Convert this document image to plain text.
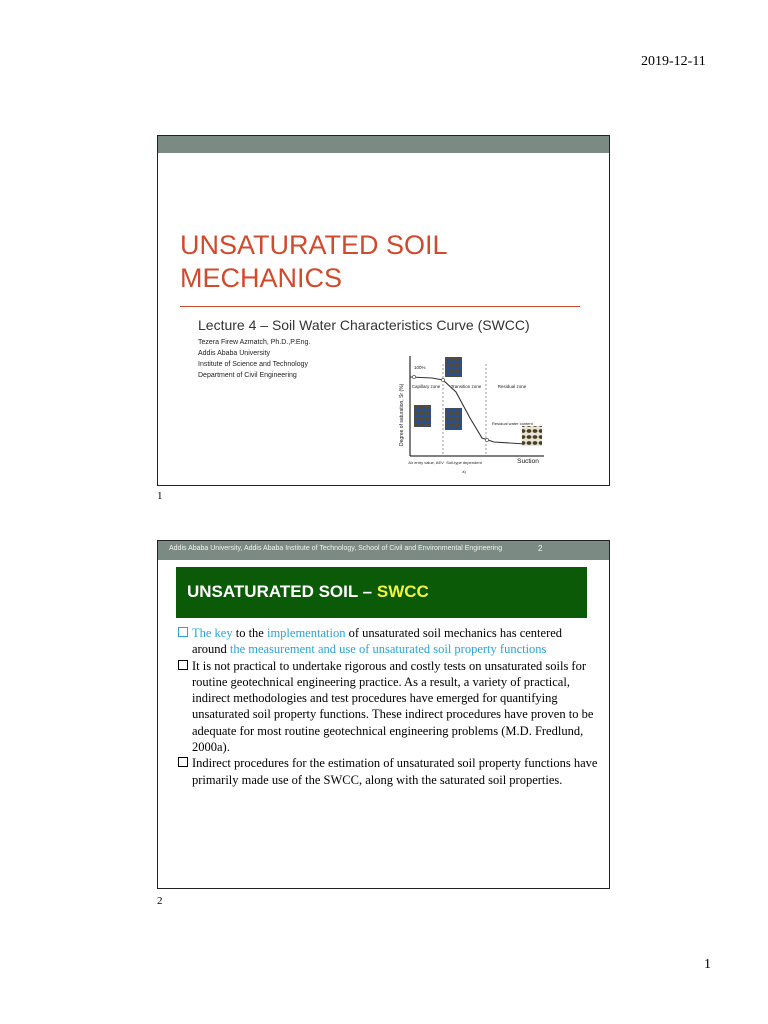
2019-12-11
UNSATURATED SOIL
MECHANICS
Lecture 4 – Soil Water Characteristics Curve (SWCC)
Tezera Firew Azmatch, Ph.D.,P.Eng.
Addis Ababa University
Institute of Science and Technology
Department of Civil Engineering
100%
Capillary zone Transition zone	Residual zone
Residual water content
Air entry value, AEV Soil-type dependent
a)
Suction
Degree of saturation, Sr (%)
1
Addis Ababa University, Addis Ababa Institute of Technology, School of Civil and Environmental Engineering	2
UNSATURATED SOIL – SWCC

The key to the implementation of unsaturated soil mechanics has centered around the measurement and use of unsaturated soil property functions

It is not practical to undertake rigorous and costly tests on unsaturated soils for routine geotechnical engineering practice. As a result, a variety of practical, indirect methodologies and test procedures have emerged for quantifying unsaturated soil property functions. These indirect procedures have proven to be adequate for most routine geotechnical engineering problems (M.D. Fredlund, 2000a).

Indirect procedures for the estimation of unsaturated soil property functions have primarily made use of the SWCC, along with the saturated soil properties.

2
1
